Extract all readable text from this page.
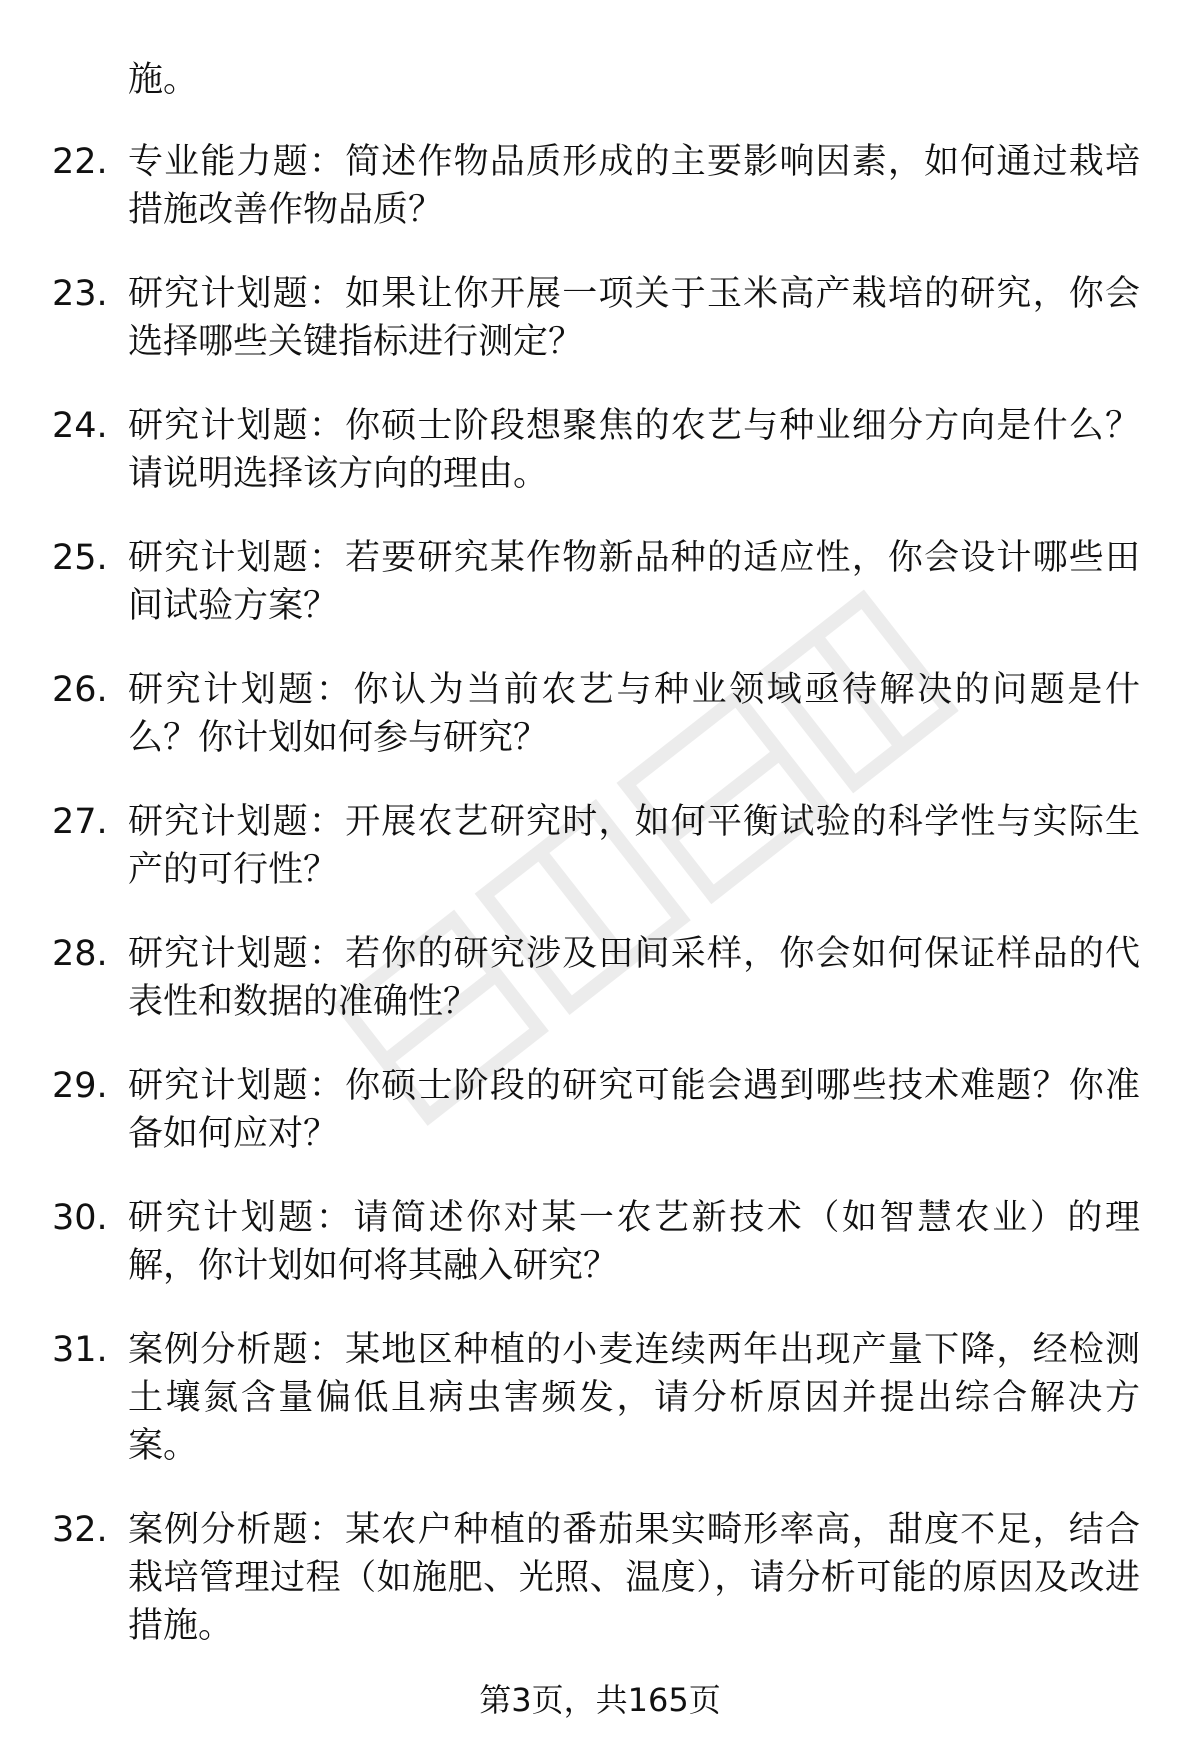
施。
22. 专业能力题：简述作物品质形成的主要影响因素，如何通过栽培措施改善作物品质？
23. 研究计划题：如果让你开展一项关于玉米高产栽培的研究，你会选择哪些关键指标进行测定？
24. 研究计划题：你硕士阶段想聚焦的农艺与种业细分方向是什么？请说明选择该方向的理由。
25. 研究计划题：若要研究某作物新品种的适应性，你会设计哪些田间试验方案？
26. 研究计划题：你认为当前农艺与种业领域亟待解决的问题是什么？你计划如何参与研究？
27. 研究计划题：开展农艺研究时，如何平衡试验的科学性与实际生产的可行性？
28. 研究计划题：若你的研究涉及田间采样，你会如何保证样品的代表性和数据的准确性？
29. 研究计划题：你硕士阶段的研究可能会遇到哪些技术难题？你准备如何应对？
30. 研究计划题：请简述你对某一农艺新技术（如智慧农业）的理解，你计划如何将其融入研究？
31. 案例分析题：某地区种植的小麦连续两年出现产量下降，经检测土壤氮含量偏低且病虫害频发，请分析原因并提出综合解决方案。
32. 案例分析题：某农户种植的番茄果实畸形率高，甜度不足，结合栽培管理过程（如施肥、光照、温度），请分析可能的原因及改进措施。
第3页，共165页
